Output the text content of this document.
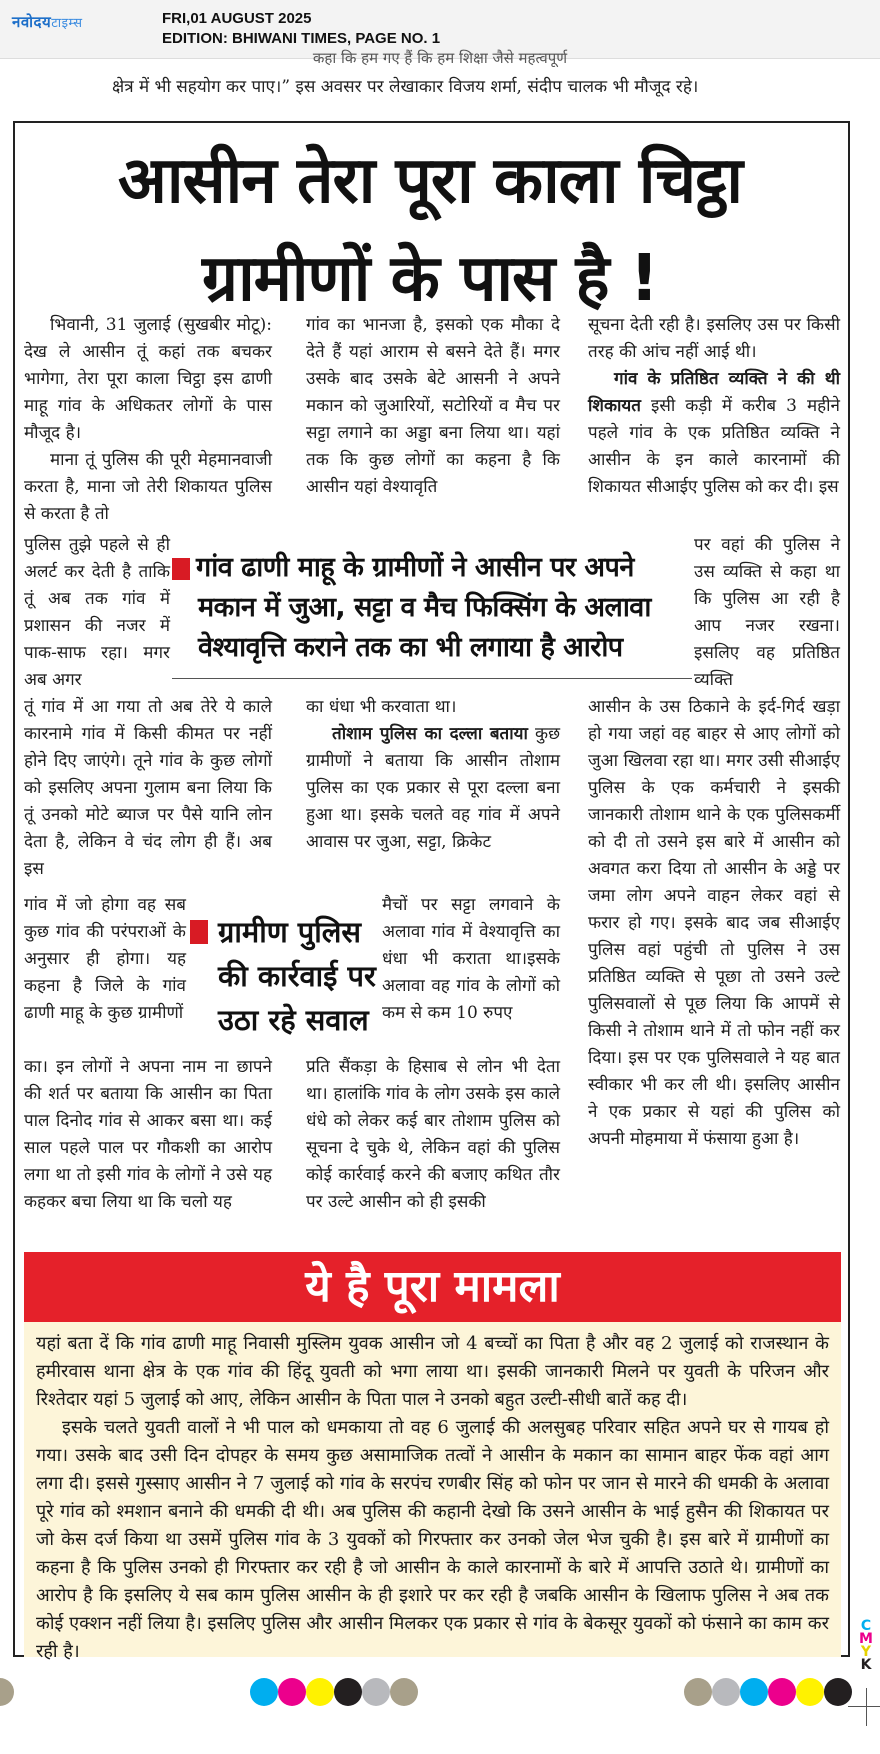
नवोदयटाइम्स	FRI,01 AUGUST 2025
EDITION: BHIWANI TIMES, PAGE NO. 1
कहा कि हम गए हैं कि हम शिक्षा जैसे महत्वपूर्ण
क्षेत्र में भी सहयोग कर पाए।” इस अवसर पर लेखाकार विजय शर्मा, संदीप चालक भी मौजूद रहे।
आसीन तेरा पूरा काला चिट्ठा
ग्रामीणों के पास है !

भिवानी, 31 जुलाई (सुखबीर मोटू): देख ले आसीन तूं कहां तक बचकर भागेगा, तेरा पूरा काला चिट्ठा इस ढाणी माहू गांव के अधिकतर लोगों के पास मौजूद है।

माना तूं पुलिस की पूरी मेहमानवाजी करता है, माना जो तेरी शिकायत पुलिस से करता है तो

पुलिस तुझे पहले से ही अलर्ट कर देती है ताकि तूं अब तक गांव में प्रशासन की नजर में पाक-साफ रहा। मगर अब अगर

तूं गांव में आ गया तो अब तेरे ये काले कारनामे गांव में किसी कीमत पर नहीं होने दिए जाएंगे। तूने गांव के कुछ लोगों को इसलिए अपना गुलाम बना लिया कि तूं उनको मोटे ब्याज पर पैसे यानि लोन देता है, लेकिन वे चंद लोग ही हैं। अब इस

गांव में जो होगा वह सब कुछ गांव की परंपराओं के अनुसार ही होगा। यह कहना है जिले के गांव ढाणी माहू के कुछ ग्रामीणों

का। इन लोगों ने अपना नाम ना छापने की शर्त पर बताया कि आसीन का पिता पाल दिनोद गांव से आकर बसा था। कई साल पहले पाल पर गौकशी का आरोप लगा था तो इसी गांव के लोगों ने उसे यह कहकर बचा लिया था कि चलो यह

गांव का भानजा है, इसको एक मौका दे देते हैं यहां आराम से बसने देते हैं। मगर उसके बाद उसके बेटे आसनी ने अपने मकान को जुआरियों, सटोरियों व मैच पर सट्टा लगाने का अड्डा बना लिया था। यहां तक कि कुछ लोगों का कहना है कि आसीन यहां वेश्यावृति

का धंधा भी करवाता था।

तोशाम पुलिस का दल्ला बताया कुछ ग्रामीणों ने बताया कि आसीन तोशाम पुलिस का एक प्रकार से पूरा दल्ला बना हुआ था। इसके चलते वह गांव में अपने आवास पर जुआ, सट्टा, क्रिकेट

मैचों पर सट्टा लगवाने के अलावा गांव में वेश्यावृत्ति का धंधा भी कराता था।इसके अलावा वह गांव के लोगों को कम से कम 10 रुपए

प्रति सैंकड़ा के हिसाब से लोन भी देता था। हालांकि गांव के लोग उसके इस काले धंधे को लेकर कई बार तोशाम पुलिस को सूचना दे चुके थे, लेकिन वहां की पुलिस कोई कार्रवाई करने की बजाए कथित तौर पर उल्टे आसीन को ही इसकी

सूचना देती रही है। इसलिए उस पर किसी तरह की आंच नहीं आई थी।

गांव के प्रतिष्ठित व्यक्ति ने की थी शिकायत इसी कड़ी में करीब 3 महीने पहले गांव के एक प्रतिष्ठित व्यक्ति ने आसीन के इन काले कारनामों की शिकायत सीआईए पुलिस को कर दी। इस

पर वहां की पुलिस ने उस व्यक्ति से कहा था कि पुलिस आ रही है आप नजर रखना। इसलिए वह प्रतिष्ठित व्यक्ति

आसीन के उस ठिकाने के इर्द-गिर्द खड़ा हो गया जहां वह बाहर से आए लोगों को जुआ खिलवा रहा था। मगर उसी सीआईए पुलिस के एक कर्मचारी ने इसकी जानकारी तोशाम थाने के एक पुलिसकर्मी को दी तो उसने इस बारे में आसीन को अवगत करा दिया तो आसीन के अड्डे पर जमा लोग अपने वाहन लेकर वहां से फरार हो गए। इसके बाद जब सीआईए पुलिस वहां पहुंची तो पुलिस ने उस प्रतिष्ठित व्यक्ति से पूछा तो उसने उल्टे पुलिसवालों से पूछ लिया कि आपमें से किसी ने तोशाम थाने में तो फोन नहीं कर दिया। इस पर एक पुलिसवाले ने यह बात स्वीकार भी कर ली थी। इसलिए आसीन ने एक प्रकार से यहां की पुलिस को अपनी मोहमाया में फंसाया हुआ है।

गांव ढाणी माहू के ग्रामीणों ने आसीन पर अपने मकान में जुआ, सट्टा व मैच फिक्सिंग के अलावा वेश्यावृत्ति कराने तक का भी लगाया है आरोप
ग्रामीण पुलिस की कार्रवाई पर उठा रहे सवाल
ये है पूरा मामला

यहां बता दें कि गांव ढाणी माहू निवासी मुस्लिम युवक आसीन जो 4 बच्चों का पिता है और वह 2 जुलाई को राजस्थान के हमीरवास थाना क्षेत्र के एक गांव की हिंदू युवती को भगा लाया था। इसकी जानकारी मिलने पर युवती के परिजन और रिश्तेदार यहां 5 जुलाई को आए, लेकिन आसीन के पिता पाल ने उनको बहुत उल्टी-सीधी बातें कह दी।

इसके चलते युवती वालों ने भी पाल को धमकाया तो वह 6 जुलाई की अलसुबह परिवार सहित अपने घर से गायब हो गया। उसके बाद उसी दिन दोपहर के समय कुछ असामाजिक तत्वों ने आसीन के मकान का सामान बाहर फेंक वहां आग लगा दी। इससे गुस्साए आसीन ने 7 जुलाई को गांव के सरपंच रणबीर सिंह को फोन पर जान से मारने की धमकी के अलावा पूरे गांव को श्मशान बनाने की धमकी दी थी। अब पुलिस की कहानी देखो कि उसने आसीन के भाई हुसैन की शिकायत पर जो केस दर्ज किया था उसमें पुलिस गांव के 3 युवकों को गिरफ्तार कर उनको जेल भेज चुकी है। इस बारे में ग्रामीणों का कहना है कि पुलिस उनको ही गिरफ्तार कर रही है जो आसीन के काले कारनामों के बारे में आपत्ति उठाते थे। ग्रामीणों का आरोप है कि इसलिए ये सब काम पुलिस आसीन के ही इशारे पर कर रही है जबकि आसीन के खिलाफ पुलिस ने अब तक कोई एक्शन नहीं लिया है। इसलिए पुलिस और आसीन मिलकर एक प्रकार से गांव के बेकसूर युवकों को फंसाने का काम कर रही है।

C
M
Y
K
